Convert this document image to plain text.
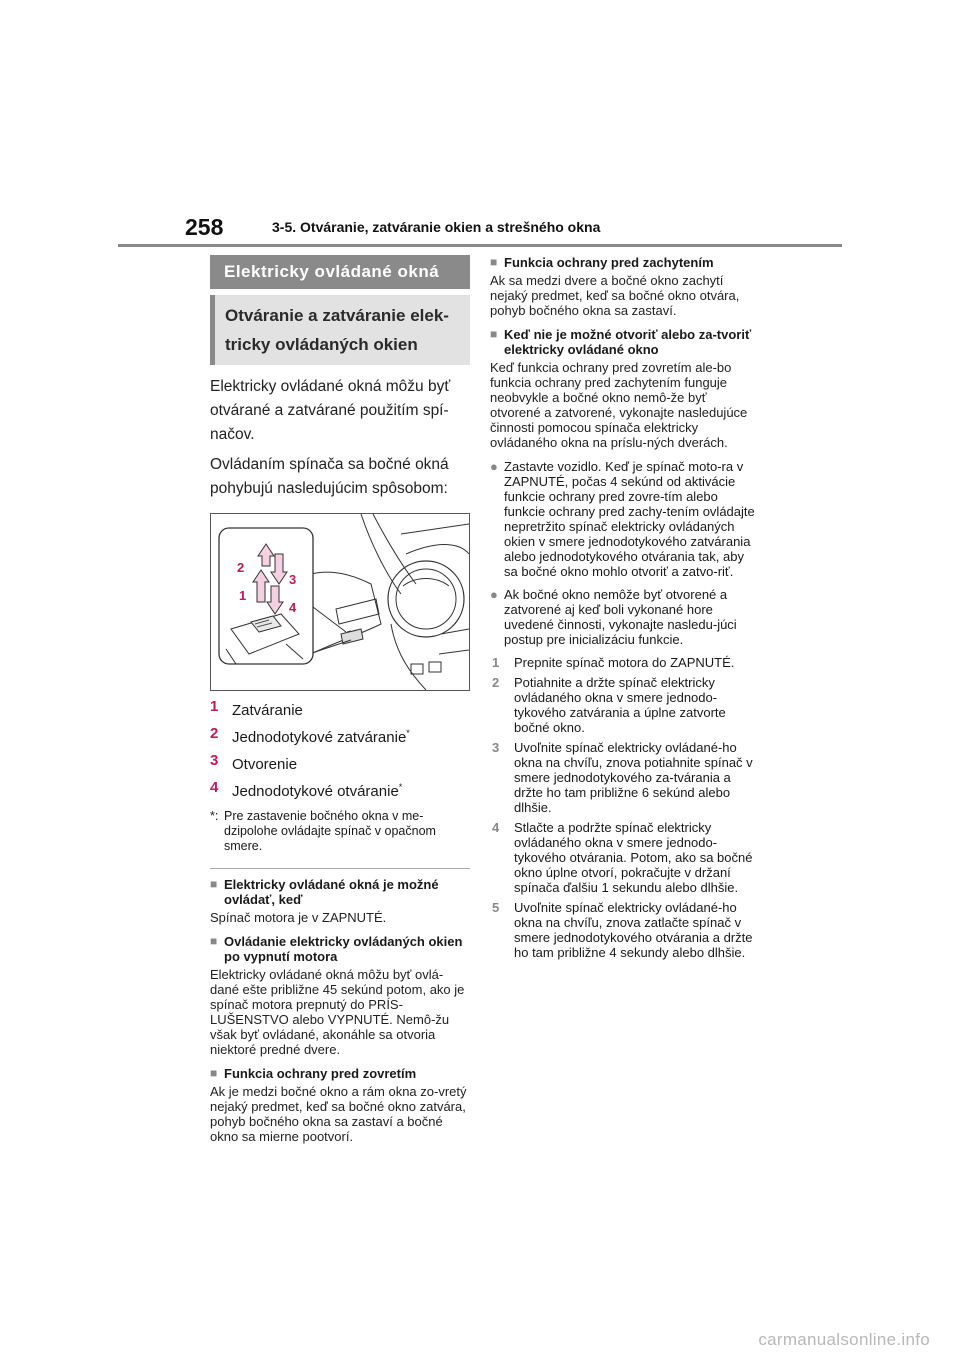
258	3-5. Otváranie, zatváranie okien a strešného okna
Elektricky ovládané okná
Otváranie a zatváranie elek-tricky ovládaných okien

Elektricky ovládané okná môžu byť otvárané a zatvárané použitím spí-načov.

Ovládaním spínača sa bočné okná pohybujú nasledujúcim spôsobom:

2
3
1
4
1 Zatváranie
2 Jednodotykové zatváranie*
3 Otvorenie
4 Jednodotykové otváranie*
*: Pre zastavenie bočného okna v me-dzipolohe ovládajte spínač v opačnom smere.
■ Elektricky ovládané okná je možné ovládať, keď
Spínač motora je v ZAPNUTÉ.
■ Ovládanie elektricky ovládaných okien po vypnutí motora
Elektricky ovládané okná môžu byť ovlá-dané ešte približne 45 sekúnd potom, ako je spínač motora prepnutý do PRÍS-LUŠENSTVO alebo VYPNUTÉ. Nemô-žu však byť ovládané, akonáhle sa otvoria niektoré predné dvere.
■ Funkcia ochrany pred zovretím
Ak je medzi bočné okno a rám okna zo-vretý nejaký predmet, keď sa bočné okno zatvára, pohyb bočného okna sa zastaví a bočné okno sa mierne pootvorí.
■ Funkcia ochrany pred zachytením
Ak sa medzi dvere a bočné okno zachytí nejaký predmet, keď sa bočné okno otvára, pohyb bočného okna sa zastaví.
■ Keď nie je možné otvoriť alebo za-tvoriť elektricky ovládané okno
Keď funkcia ochrany pred zovretím ale-bo funkcia ochrany pred zachytením funguje neobvykle a bočné okno nemô-že byť otvorené a zatvorené, vykonajte nasledujúce činnosti pomocou spínača elektricky ovládaného okna na príslu-ných dverách.
● Zastavte vozidlo. Keď je spínač moto-ra v ZAPNUTÉ, počas 4 sekúnd od aktivácie funkcie ochrany pred zovre-tím alebo funkcie ochrany pred zachy-tením ovládajte nepretržito spínač elektricky ovládaných okien v smere jednodotykového zatvárania alebo jednodotykového otvárania tak, aby sa bočné okno mohlo otvoriť a zatvo-riť.
● Ak bočné okno nemôže byť otvorené a zatvorené aj keď boli vykonané hore uvedené činnosti, vykonajte nasledu-júci postup pre inicializáciu funkcie.
1	Prepnite spínač motora do ZAPNUTÉ.
2	Potiahnite a držte spínač elektricky ovládaného okna v smere jednodo-tykového zatvárania a úplne zatvorte bočné okno.
3	Uvoľnite spínač elektricky ovládané-ho okna na chvíľu, znova potiahnite spínač v smere jednodotykového za-tvárania a držte ho tam približne 6 sekúnd alebo dlhšie.
4	Stlačte a podržte spínač elektricky ovládaného okna v smere jednodo-tykového otvárania. Potom, ako sa bočné okno úplne otvorí, pokračujte v držaní spínača ďalšiu 1 sekundu alebo dlhšie.
5	Uvoľnite spínač elektricky ovládané-ho okna na chvíľu, znova zatlačte spínač v smere jednodotykového otvárania a držte ho tam približne 4 sekundy alebo dlhšie.
carmanualsonline.info
